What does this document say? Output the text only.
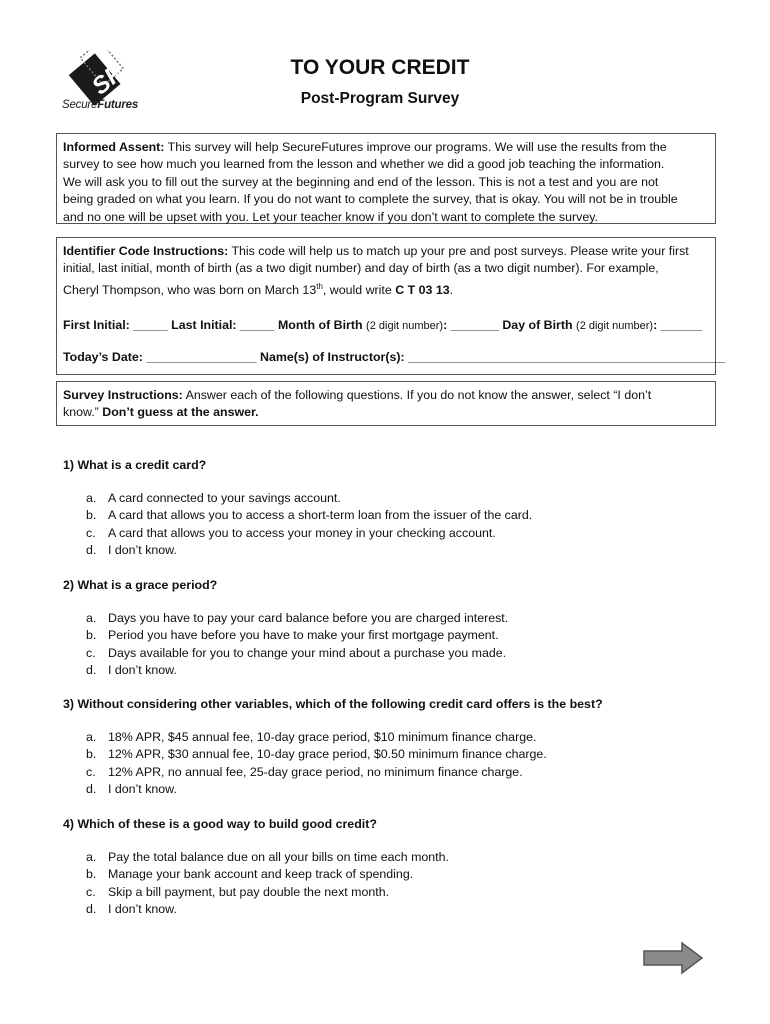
SF
SecureFutures
TO YOUR CREDIT
Post-Program Survey
Informed Assent: This survey will help SecureFutures improve our programs. We will use the results from the
survey to see how much you learned from the lesson and whether we did a good job teaching the information.
We will ask you to fill out the survey at the beginning and end of the lesson. This is not a test and you are not
being graded on what you learn. If you do not want to complete the survey, that is okay. You will not be in trouble
and no one will be upset with you. Let your teacher know if you don’t want to complete the survey.
Identifier Code Instructions: This code will help us to match up your pre and post surveys. Please write your first
initial, last initial, month of birth (as a two digit number) and day of birth (as a two digit number). For example,
Cheryl Thompson, who was born on March 13th, would write C T 03 13.
First Initial: _____ Last Initial: _____ Month of Birth (2 digit number): _______ Day of Birth (2 digit number): ______
Today’s Date: ________________ Name(s) of Instructor(s): ______________________________________________
Survey Instructions: Answer each of the following questions. If you do not know the answer, select “I don’t
know.” Don’t guess at the answer.
1) What is a credit card?
a. A card connected to your savings account.
b. A card that allows you to access a short-term loan from the issuer of the card.
c. A card that allows you to access your money in your checking account.
d. I don’t know.
2) What is a grace period?
a. Days you have to pay your card balance before you are charged interest.
b. Period you have before you have to make your first mortgage payment.
c. Days available for you to change your mind about a purchase you made.
d. I don’t know.
3) Without considering other variables, which of the following credit card offers is the best?
a. 18% APR, $45 annual fee, 10-day grace period, $10 minimum finance charge.
b. 12% APR, $30 annual fee, 10-day grace period, $0.50 minimum finance charge.
c. 12% APR, no annual fee, 25-day grace period, no minimum finance charge.
d. I don’t know.
4) Which of these is a good way to build good credit?
a. Pay the total balance due on all your bills on time each month.
b. Manage your bank account and keep track of spending.
c. Skip a bill payment, but pay double the next month.
d. I don’t know.
